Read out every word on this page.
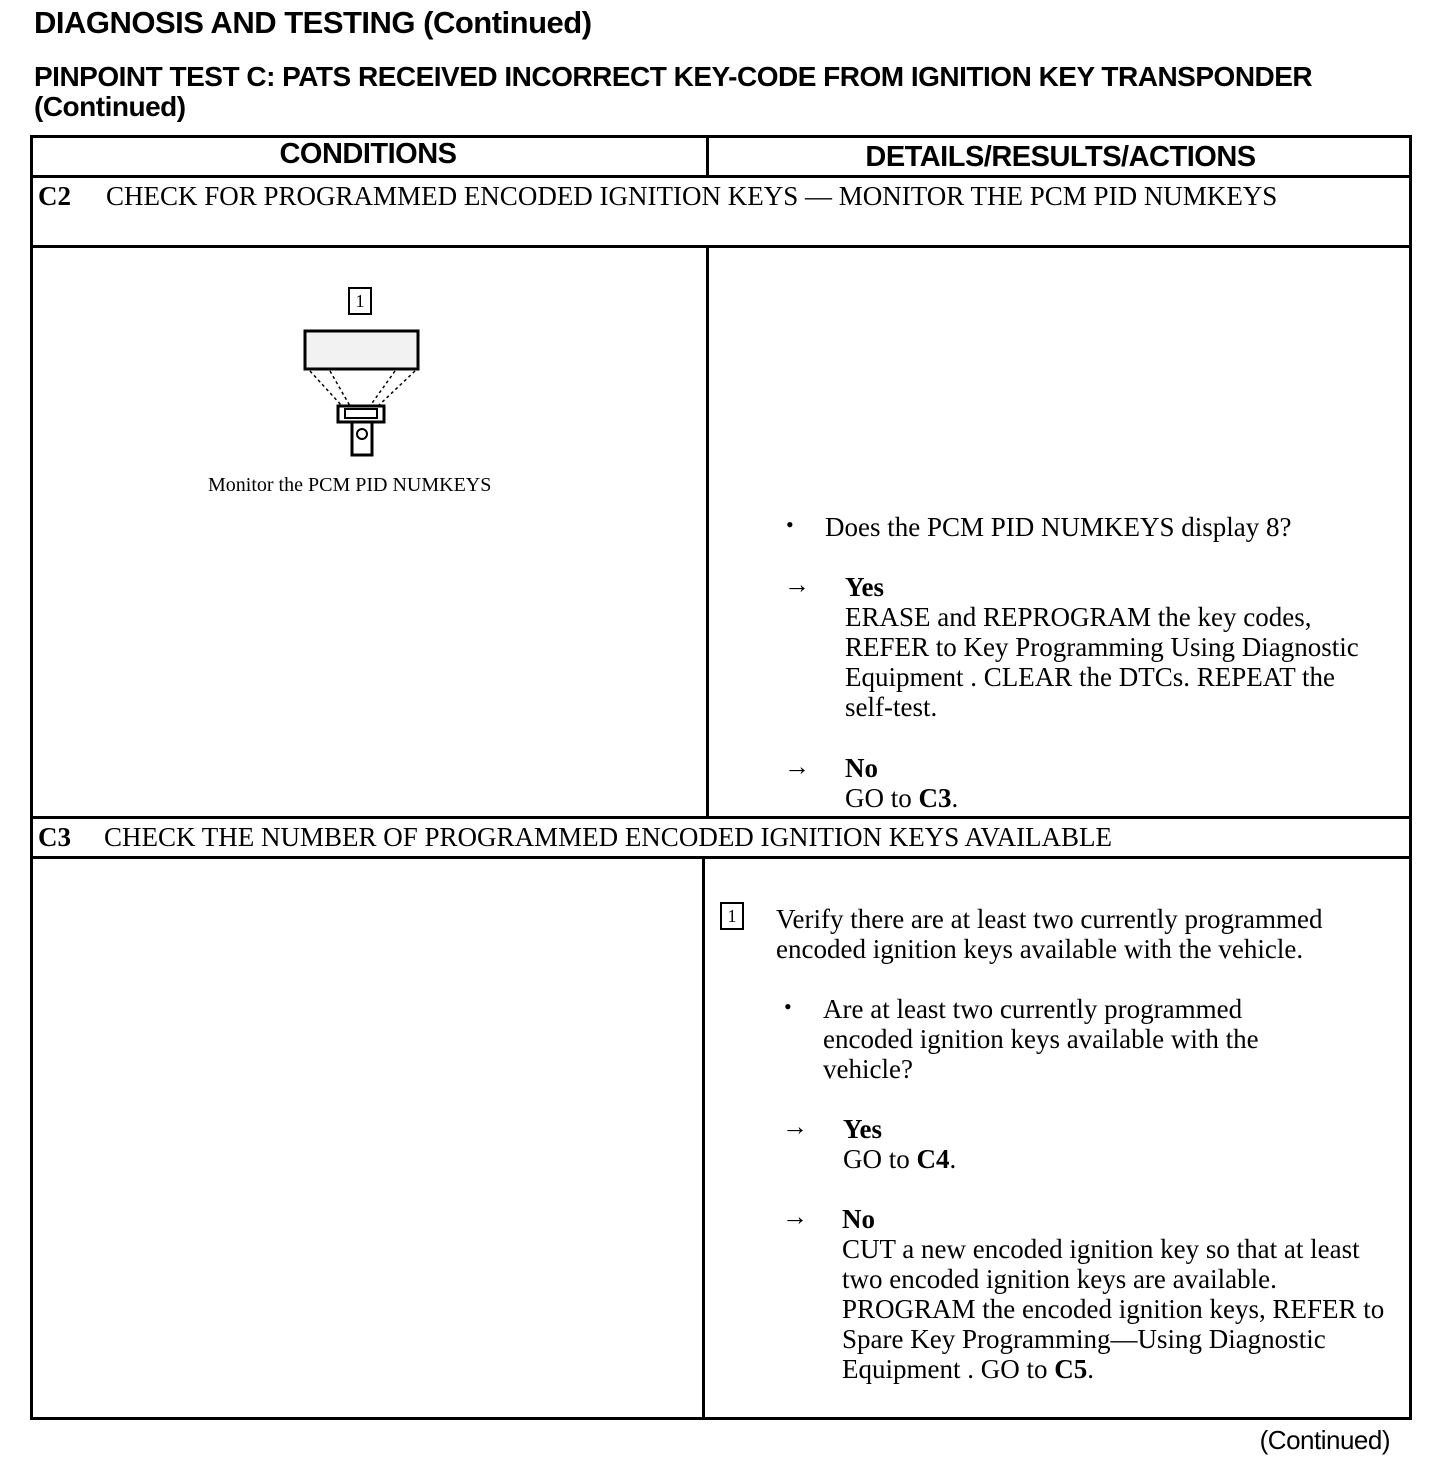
DIAGNOSIS AND TESTING (Continued)
PINPOINT TEST C: PATS RECEIVED INCORRECT KEY-CODE FROM IGNITION KEY TRANSPONDER (Continued)
CONDITIONS	DETAILS/RESULTS/ACTIONS
C2 CHECK FOR PROGRAMMED ENCODED IGNITION KEYS — MONITOR THE PCM PID NUMKEYS
1
Monitor the PCM PID NUMKEYS
• Does the PCM PID NUMKEYS display 8?
→ Yes
ERASE and REPROGRAM the key codes, REFER to Key Programming Using Diagnostic Equipment . CLEAR the DTCs. REPEAT the self-test.
→ No
GO to C3.
C3 CHECK THE NUMBER OF PROGRAMMED ENCODED IGNITION KEYS AVAILABLE
1 Verify there are at least two currently programmed encoded ignition keys available with the vehicle.
• Are at least two currently programmed encoded ignition keys available with the vehicle?
→ Yes
GO to C4.
→ No
CUT a new encoded ignition key so that at least two encoded ignition keys are available. PROGRAM the encoded ignition keys, REFER to Spare Key Programming—Using Diagnostic Equipment . GO to C5.
(Continued)
